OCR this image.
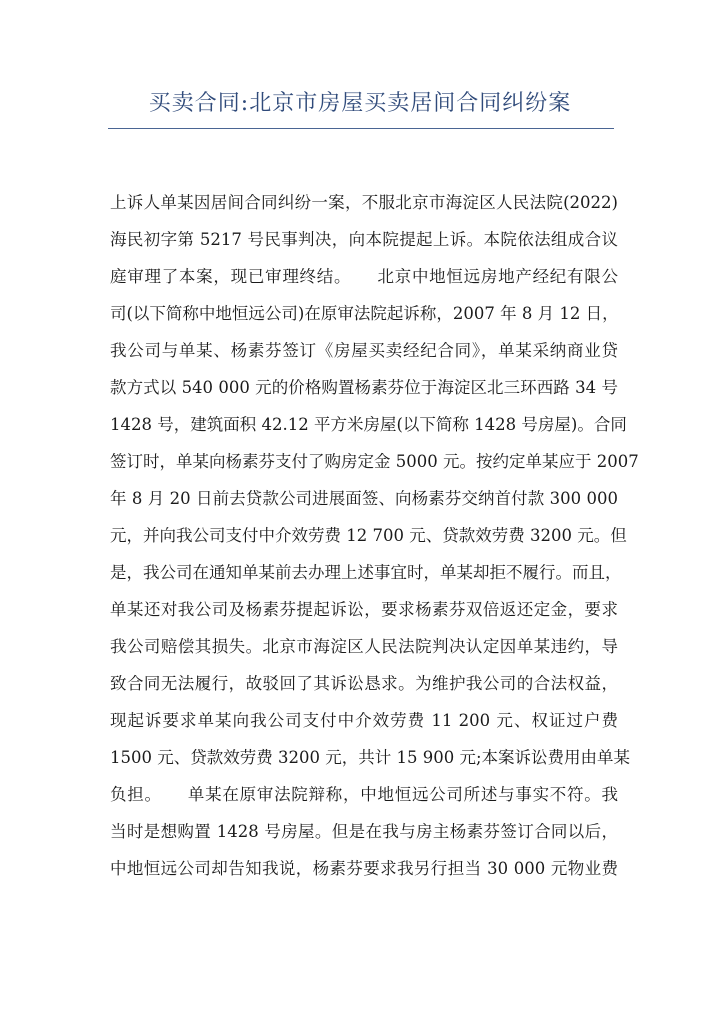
买卖合同:北京市房屋买卖居间合同纠纷案
上诉人单某因居间合同纠纷一案，不服北京市海淀区人民法院(2022)
海民初字第 5217 号民事判决，向本院提起上诉。本院依法组成合议
庭审理了本案，现已审理终结。　　北京中地恒远房地产经纪有限公
司(以下简称中地恒远公司)在原审法院起诉称，2007 年 8 月 12 日，
我公司与单某、杨素芬签订《房屋买卖经纪合同》，单某采纳商业贷
款方式以 540 000 元的价格购置杨素芬位于海淀区北三环西路 34 号
1428 号，建筑面积 42.12 平方米房屋(以下简称 1428 号房屋)。合同
签订时，单某向杨素芬支付了购房定金 5000 元。按约定单某应于 2007
年 8 月 20 日前去贷款公司进展面签、向杨素芬交纳首付款 300 000
元，并向我公司支付中介效劳费 12 700 元、贷款效劳费 3200 元。但
是，我公司在通知单某前去办理上述事宜时，单某却拒不履行。而且，
单某还对我公司及杨素芬提起诉讼，要求杨素芬双倍返还定金，要求
我公司赔偿其损失。北京市海淀区人民法院判决认定因单某违约，导
致合同无法履行，故驳回了其诉讼恳求。为维护我公司的合法权益，
现起诉要求单某向我公司支付中介效劳费 11 200 元、权证过户费
1500 元、贷款效劳费 3200 元，共计 15 900 元;本案诉讼费用由单某
负担。　　单某在原审法院辩称，中地恒远公司所述与事实不符。我
当时是想购置 1428 号房屋。但是在我与房主杨素芬签订合同以后，
中地恒远公司却告知我说，杨素芬要求我另行担当 30 000 元物业费
